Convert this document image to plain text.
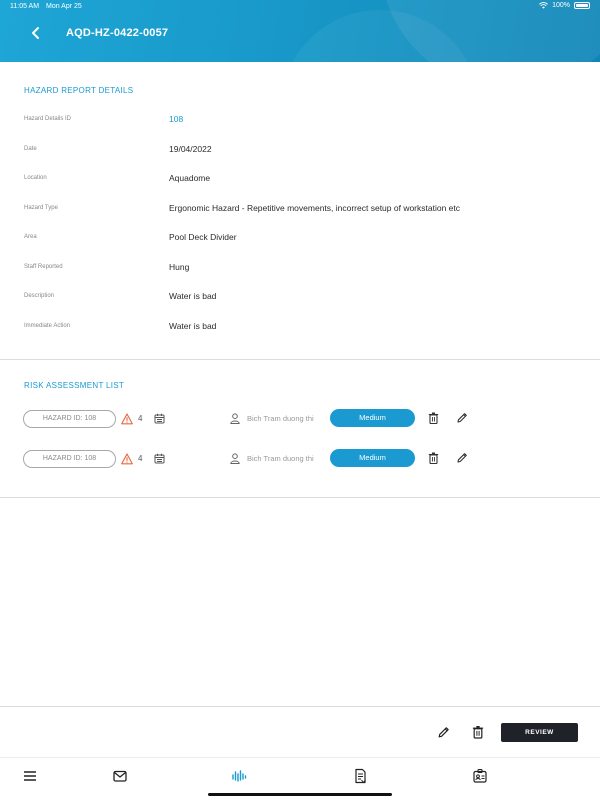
11:05 AM Mon Apr 25	100%
AQD-HZ-0422-0057
HAZARD REPORT DETAILS
Hazard Details ID	108
Date	19/04/2022
Location	Aquadome
Hazard Type	Ergonomic Hazard - Repetitive movements, incorrect setup of workstation etc
Area	Pool Deck Divider
Staff Reported	Hung
Description	Water is bad
Immediate Action	Water is bad
RISK ASSESSMENT LIST
HAZARD ID: 108	4	Bich Tram duong thi	Medium
HAZARD ID: 108	4	Bich Tram duong thi	Medium
REVIEW
